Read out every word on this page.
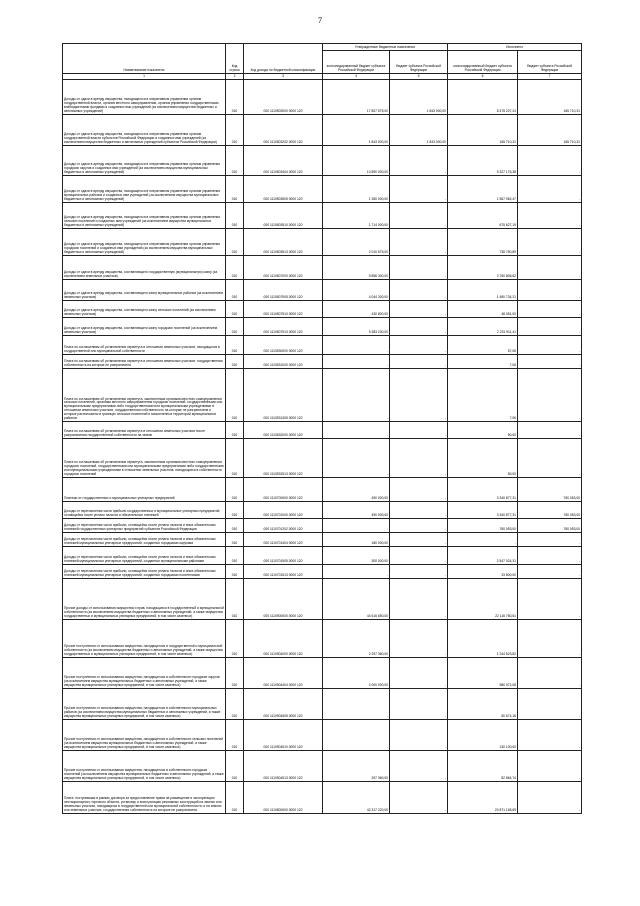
7
Наименование показателя	Код строки	Код дохода по бюджетной классификации	Утвержденные бюджетные назначения		Исполнено	
			консолидированный бюджет субъекта Российской Федерации	бюджет субъекта Российской Федерации	консолидированный бюджет субъекта Российской Федерации	бюджет субъекта Российской Федерации
1	2	3	4	5	6	7
Доходы от сдачи в аренду имущества, находящегося в оперативном управлении органов государственной власти, органов местного самоуправления, органов управления государственными внебюджетными фондами и созданных ими учреждений (за исключением имущества бюджетных и автономных учреждений)	010	000 1110503000 0000 120	17 807 575,00	1 843 000,00	8 475 227,24	165 710,31
Доходы от сдачи в аренду имущества, находящегося в оперативном управлении органов государственной власти субъектов Российской Федерации и созданных ими учреждений (за исключением имущества бюджетных и автономных учреждений субъектов Российской Федерации)	010	000 1110503202 0000 120	1 843 000,00	1 843 000,00	165 710,31	165 710,31
Доходы от сдачи в аренду имущества, находящегося в оперативном управлении органов управления городских округов и созданных ими учреждений (за исключением имущества муниципальных бюджетных и автономных учреждений)	010	000 1110503404 0000 120	10 890 000,00	-	5 327 176,38	-
Доходы от сдачи в аренду имущества, находящегося в оперативном управлении органов управления муниципальных районов и созданных ими учреждений (за исключением имущества муниципальных бюджетных и автономных учреждений)	010	000 1110503505 0000 120	1 350 000,00	-	1 567 962,47	-
Доходы от сдачи в аренду имущества, находящегося в оперативном управлении органов управления сельских поселений и созданных ими учреждений (за исключением имущества муниципальных бюджетных и автономных учреждений)	010	000 1110503510 0000 120	1 714 000,00	-	675 627,19	-
Доходы от сдачи в аренду имущества, находящегося в оперативном управлении органов управления городских поселений и созданных ими учреждений (за исключением имущества муниципальных бюджетных и автономных учреждений)	010	000 1110503513 0000 120	2 010 575,00	-	738 750,89	-
Доходы от сдачи в аренду имущества, составляющего государственную (муниципальную) казну (за исключением земельных участков)	010	000 1110507000 0000 120	9 856 300,00	-	3 760 806,62	-
Доходы от сдачи в аренду имущества, составляющего казну муниципальных районов (за исключением земельных участков)	010	000 1110507505 0000 120	4 044 300,00	-	1 480 734,21	-
Доходы от сдачи в аренду имущества, составляющего казну сельских поселений (за исключением земельных участков)	010	000 1110507510 0000 120	430 800,00	-	48 051,00	-
Доходы от сдачи в аренду имущества, составляющего казну городских поселений (за исключением земельных участков)	010	000 1110507513 0000 120	5 383 230,00	-	2 231 911,41	-
Плата по соглашениям об установлении сервитута в отношении земельных участков, находящихся в государственной или муниципальной собственности	010	000 1110530000 0000 120	-	-	57,06	-
Плата по соглашениям об установлении сервитута в отношении земельных участков, государственная собственность на которые не разграничена	010	000 1110531000 0000 120	-	-	7,06	-
Плата по соглашениям об установлении сервитута, заключенным органами местного самоуправления сельских поселений, органами местного самоуправления городских поселений, государственными или муниципальными предприятиями либо государственными или муниципальными учреждениями в отношении земельных участков, государственная собственность на которые не разграничена и которые расположены в границах сельских поселений и межселенных территорий муниципальных районов	010	000 1110531305 0000 120	-	-	7,06	-
Плата по соглашениям об установлении сервитута в отношении земельных участков после разграничения государственной собственности на землю	010	000 1110532000 0000 120	-	-	50,00	-
Плата по соглашениям об установлении сервитута, заключенным органами местного самоуправления городских поселений, государственными или муниципальными предприятиями либо государственными или муниципальными учреждениями в отношении земельных участков, находящихся в собственности городских поселений	010	000 1110532513 0000 120	-	-	50,00	-
Платежи от государственных и муниципальных унитарных предприятий	010	000 1110700000 0000 120	490 000,00	-	3 340 877,31	760 053,00
Доходы от перечисления части прибыли государственных и муниципальных унитарных предприятий, остающейся после уплаты налогов и обязательных платежей	010	000 1110701000 0000 120	490 000,00	-	3 340 877,31	760 053,00
Доходы от перечисления части прибыли, остающейся после уплаты налогов и иных обязательных платежей государственных унитарных предприятий субъектов Российской Федерации	010	000 1110701202 0000 120	-	-	760 053,00	760 053,00
Доходы от перечисления части прибыли, остающейся после уплаты налогов и иных обязательных платежей муниципальных унитарных предприятий, созданных городскими округами	010	000 1110701404 0000 120	180 000,00	-	-	-
Доходы от перечисления части прибыли, остающейся после уплаты налогов и иных обязательных платежей муниципальных унитарных предприятий, созданных муниципальными районами	010	000 1110701505 0000 120	300 000,00	-	2 547 024,31	-
Доходы от перечисления части прибыли, остающейся после уплаты налогов и иных обязательных платежей муниципальных унитарных предприятий, созданных городскими поселениями	010	000 1110701513 0000 120	-	-	33 800,00	-
Прочие доходы от использования имущества и прав, находящихся в государственной и муниципальной собственности (за исключением имущества бюджетных и автономных учреждений, а также имущества государственных и муниципальных унитарных предприятий, в том числе казенных)	010	000 1110900000 0000 120	44 616 650,00	-	22 116 780,51	-
Прочие поступления от использования имущества, находящегося в государственной и муниципальной собственности (за исключением имущества бюджетных и автономных учреждений, а также имущества государственных и муниципальных унитарных предприятий, в том числе казенных)	010	000 1110904000 0000 120	2 297 360,00	-	1 244 623,82	-
Прочие поступления от использования имущества, находящегося в собственности городских округов (за исключением имущества муниципальных бюджетных и автономных учреждений, а также имущества муниципальных унитарных предприятий, в том числе казенных)	010	000 1110904404 0000 120	2 000 000,00	-	980 972,08	-
Прочие поступления от использования имущества, находящегося в собственности муниципальных районов (за исключением имущества муниципальных бюджетных и автономных учреждений, а также имущества муниципальных унитарных предприятий, в том числе казенных)	010	000 1110904505 0000 120	-	-	50 674,16	-
Прочие поступления от использования имущества, находящегося в собственности сельских поселений (за исключением имущества муниципальных бюджетных и автономных учреждений, а также имущества муниципальных унитарных предприятий, в том числе казенных)	010	000 1110904510 0000 120	-	-	130 100,00	-
Прочие поступления от использования имущества, находящегося в собственности городских поселений (за исключением имущества муниципальных бюджетных и автономных учреждений, а также имущества муниципальных унитарных предприятий, в том числе казенных)	010	000 1110904513 0000 120	297 360,00	-	82 864,74	-
Плата, поступившая в рамках договора за предоставление права на размещение и эксплуатацию нестационарного торгового объекта, установку и эксплуатацию рекламных конструкций на землях или земельных участках, находящихся в государственной или муниципальной собственности, и на землях или земельных участках, государственная собственность на которые не разграничена	010	000 1110800000 0000 120	42 317 220,00	-	20 871 165,69	-
